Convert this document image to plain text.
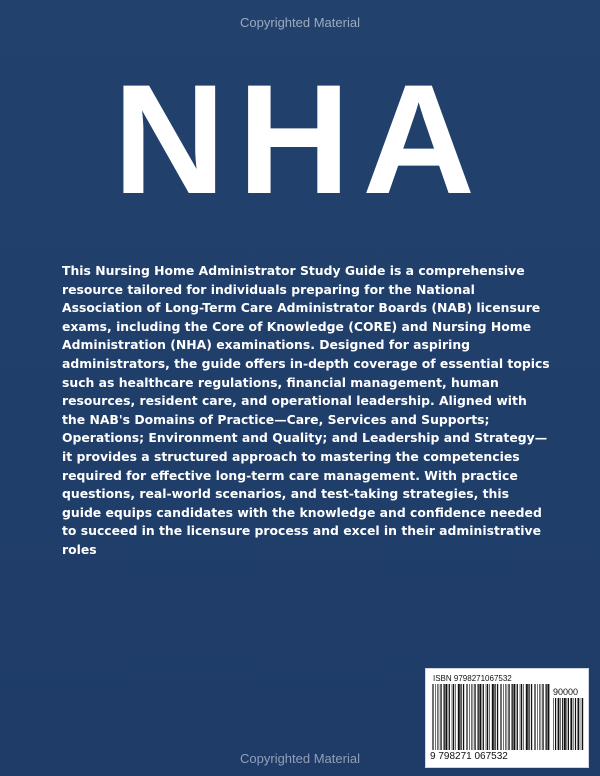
Copyrighted Material
NHA

This Nursing Home Administrator Study Guide is a comprehensive resource tailored for individuals preparing for the National Association of Long-Term Care Administrator Boards (NAB) licensure exams, including the Core of Knowledge (CORE) and Nursing Home Administration (NHA) examinations. Designed for aspiring administrators, the guide offers in-depth coverage of essential topics such as healthcare regulations, financial management, human resources, resident care, and operational leadership. Aligned with the NAB's Domains of Practice—Care, Services and Supports; Operations; Environment and Quality; and Leadership and Strategy—it provides a structured approach to mastering the competencies required for effective long-term care management. With practice questions, real-world scenarios, and test-taking strategies, this guide equips candidates with the knowledge and confidence needed to succeed in the licensure process and excel in their administrative roles

ISBN 9798271067532
90000
9 798271 067532
Copyrighted Material
